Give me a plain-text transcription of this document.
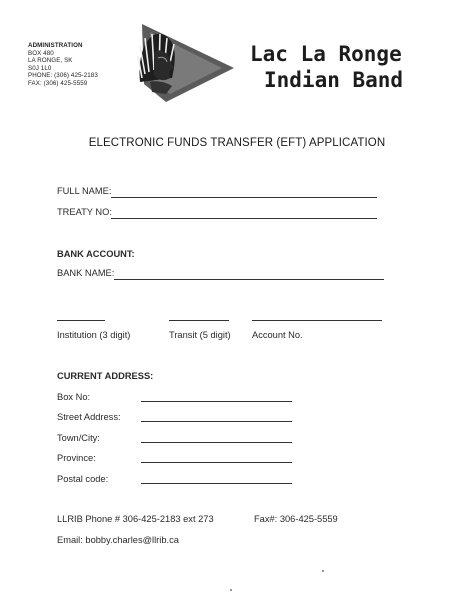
ADMINISTRATION
BOX 480
LA RONGE, SK
S0J 1L0
PHONE: (306) 425-2183
FAX: (306) 425-5559
Lac La Ronge
Indian Band
ELECTRONIC FUNDS TRANSFER (EFT) APPLICATION
FULL NAME:
TREATY NO:
BANK ACCOUNT:
BANK NAME:
Institution (3 digit)	Transit (5 digit) Account No.
CURRENT ADDRESS:
Box No:
Street Address:
Town/City:
Province:
Postal code:
LLRIB Phone # 306-425-2183 ext 273	Fax#: 306-425-5559
Email: bobby.charles@llrib.ca
